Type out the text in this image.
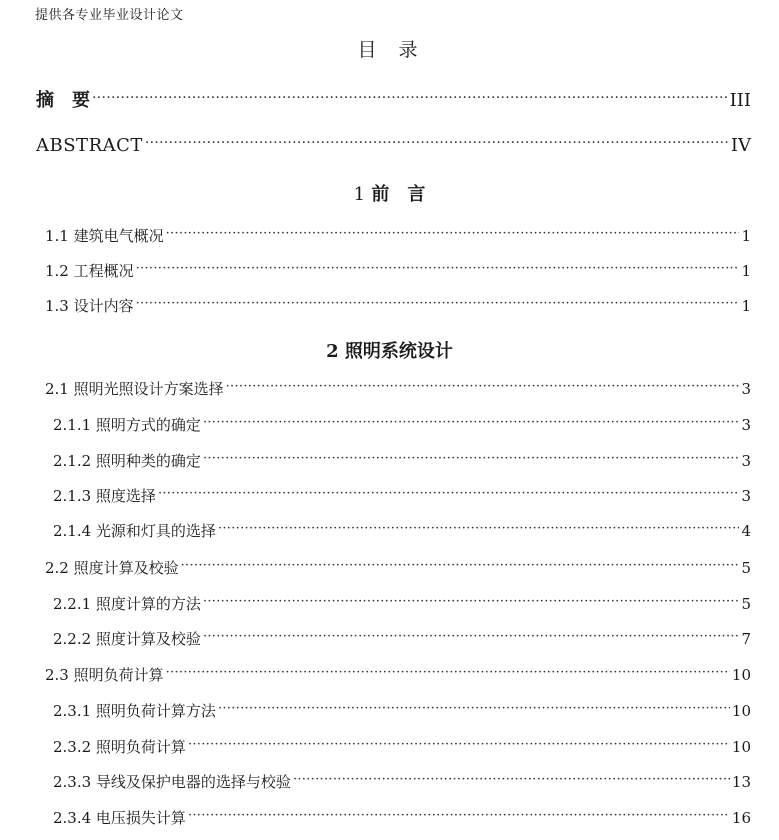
提供各专业毕业设计论文
目 录
摘　要 ·····	III
ABSTRACT ·····	IV
1 前　言
1.1 建筑电气概况 ·····	1
1.2 工程概况 ·····	1
1.3 设计内容 ·····	1
2 照明系统设计
2.1 照明光照设计方案选择 ·····	3
2.1.1 照明方式的确定 ·····	3
2.1.2 照明种类的确定 ·····	3
2.1.3 照度选择 ·····	3
2.1.4 光源和灯具的选择 ·····	4
2.2 照度计算及校验 ·····	5
2.2.1 照度计算的方法 ·····	5
2.2.2 照度计算及校验 ·····	7
2.3 照明负荷计算 ·····	10
2.3.1 照明负荷计算方法 ·····	10
2.3.2 照明负荷计算 ·····	10
2.3.3 导线及保护电器的选择与校验 ·····	13
2.3.4 电压损失计算 ·····	16
